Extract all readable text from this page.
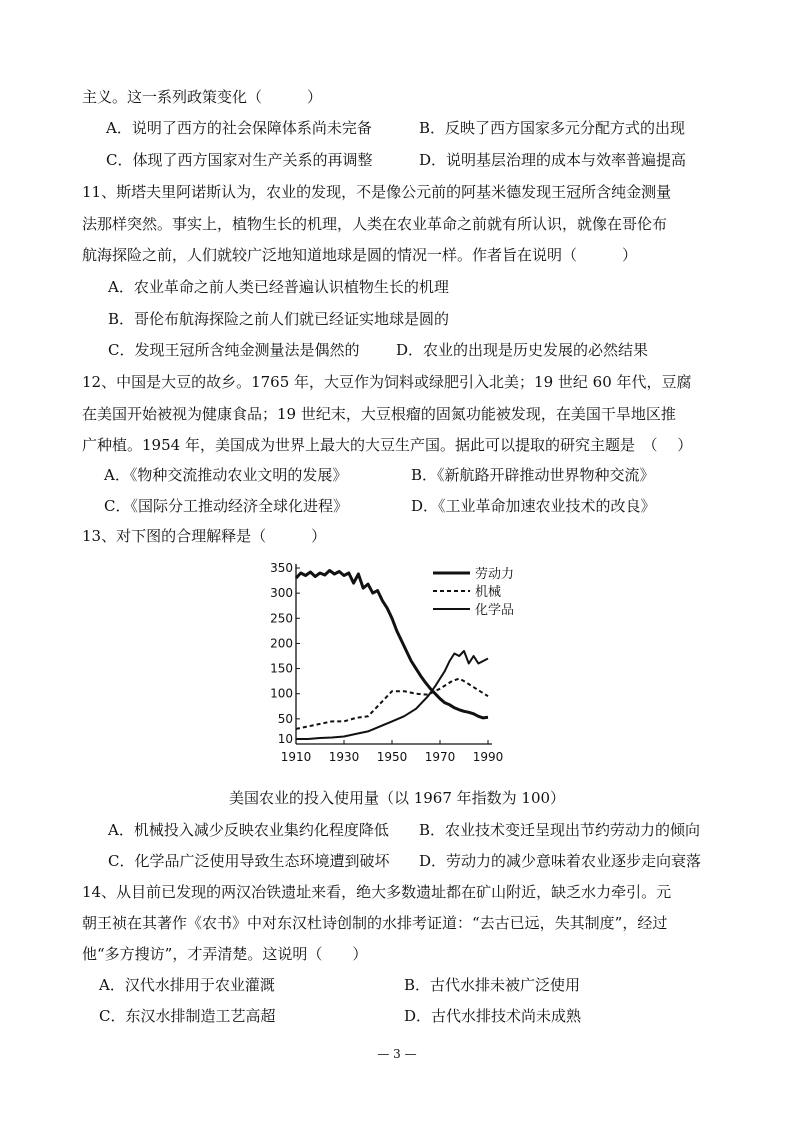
主义。这一系列政策变化（　　　）
A．说明了西方的社会保障体系尚未完备	B．反映了西方国家多元分配方式的出现
C．体现了西方国家对生产关系的再调整	D．说明基层治理的成本与效率普遍提高
11、斯塔夫里阿诺斯认为，农业的发现，不是像公元前的阿基米德发现王冠所含纯金测量
法那样突然。事实上，植物生长的机理，人类在农业革命之前就有所认识，就像在哥伦布
航海探险之前，人们就较广泛地知道地球是圆的情况一样。作者旨在说明（　　　）
A．农业革命之前人类已经普遍认识植物生长的机理
B．哥伦布航海探险之前人们就已经证实地球是圆的
C．发现王冠所含纯金测量法是偶然的 D．农业的出现是历史发展的必然结果
12、中国是大豆的故乡。1765 年，大豆作为饲料或绿肥引入北美；19 世纪 60 年代，豆腐
在美国开始被视为健康食品；19 世纪末，大豆根瘤的固氮功能被发现，在美国干旱地区推
广种植。1954 年，美国成为世界上最大的大豆生产国。据此可以提取的研究主题是　（　 ）
A．《物种交流推动农业文明的发展》	B．《新航路开辟推动世界物种交流》
C．《国际分工推动经济全球化进程》	D．《工业革命加速农业技术的改良》
13、对下图的合理解释是（　　　）
10
50
100
150
200
250
300
350
1910 1930 1950 1970 1990
劳动力
机械
化学品
美国农业的投入使用量（以 1967 年指数为 100）
A．机械投入减少反映农业集约化程度降低 B．农业技术变迁呈现出节约劳动力的倾向
C．化学品广泛使用导致生态环境遭到破坏 D．劳动力的减少意味着农业逐步走向衰落
14、从目前已发现的两汉冶铁遗址来看，绝大多数遗址都在矿山附近，缺乏水力牵引。元
朝王祯在其著作《农书》中对东汉杜诗创制的水排考证道：“去古已远，失其制度”，经过
他“多方搜访”，才弄清楚。这说明（　　）
A．汉代水排用于农业灌溉	B．古代水排未被广泛使用
C．东汉水排制造工艺高超	D．古代水排技术尚未成熟
— 3 —
